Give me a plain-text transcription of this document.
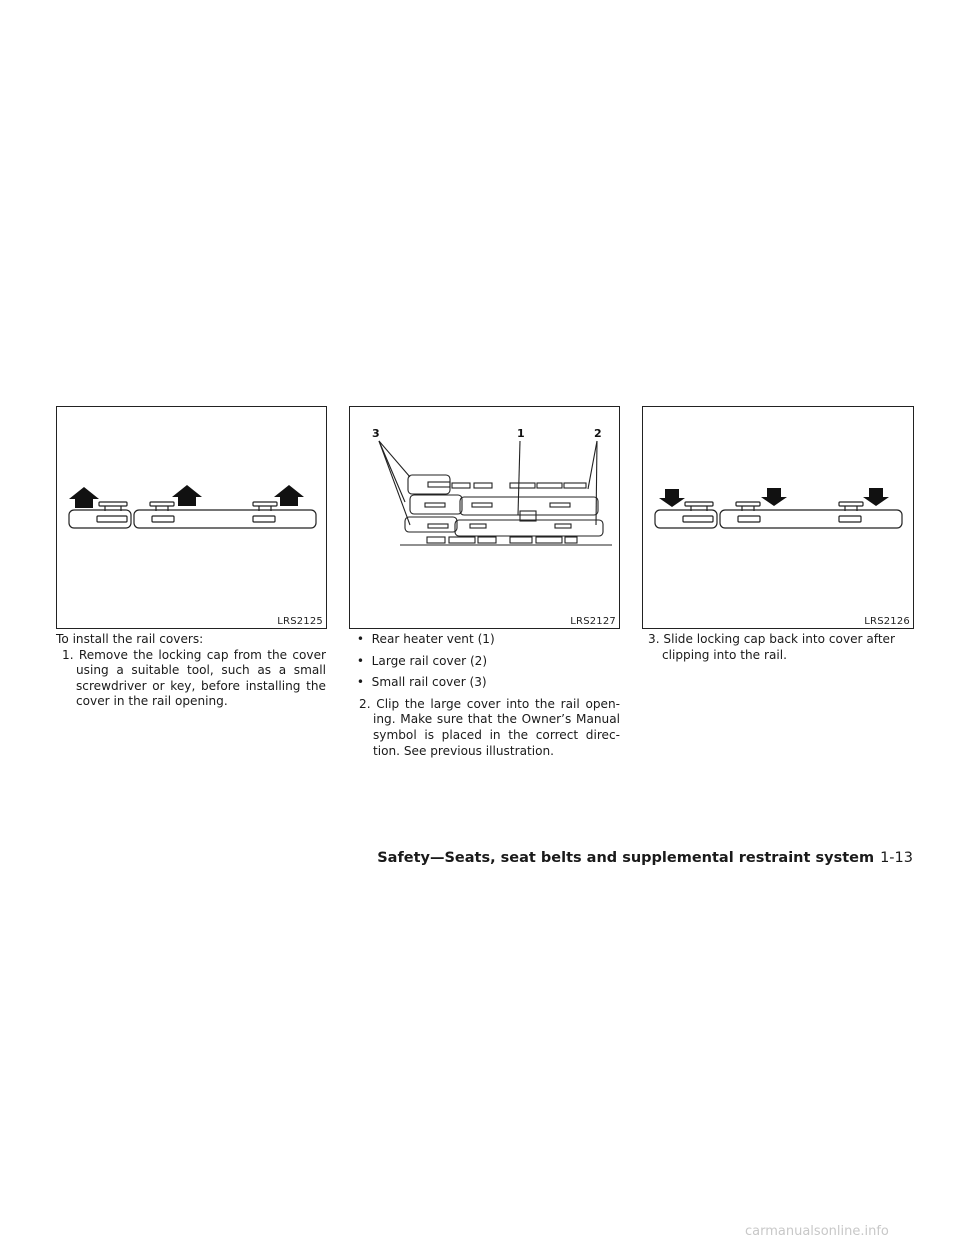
LRS2125
3	1	2
LRS2127	LRS2126

To install the rail covers:

1. Remove the locking cap from the cover using a suitable tool, such as a small screwdriver or key, before installing the cover in the rail opening.

•  Rear heater vent (1)

•  Large rail cover (2)

•  Small rail cover (3)

2. Clip the large cover into the rail open-ing. Make sure that the Owner’s Manual symbol is placed in the correct direc-tion. See previous illustration.

3. Slide locking cap back into cover after clipping into the rail.

Safety—Seats, seat belts and supplemental restraint system 1-13
carmanualsonline.info
